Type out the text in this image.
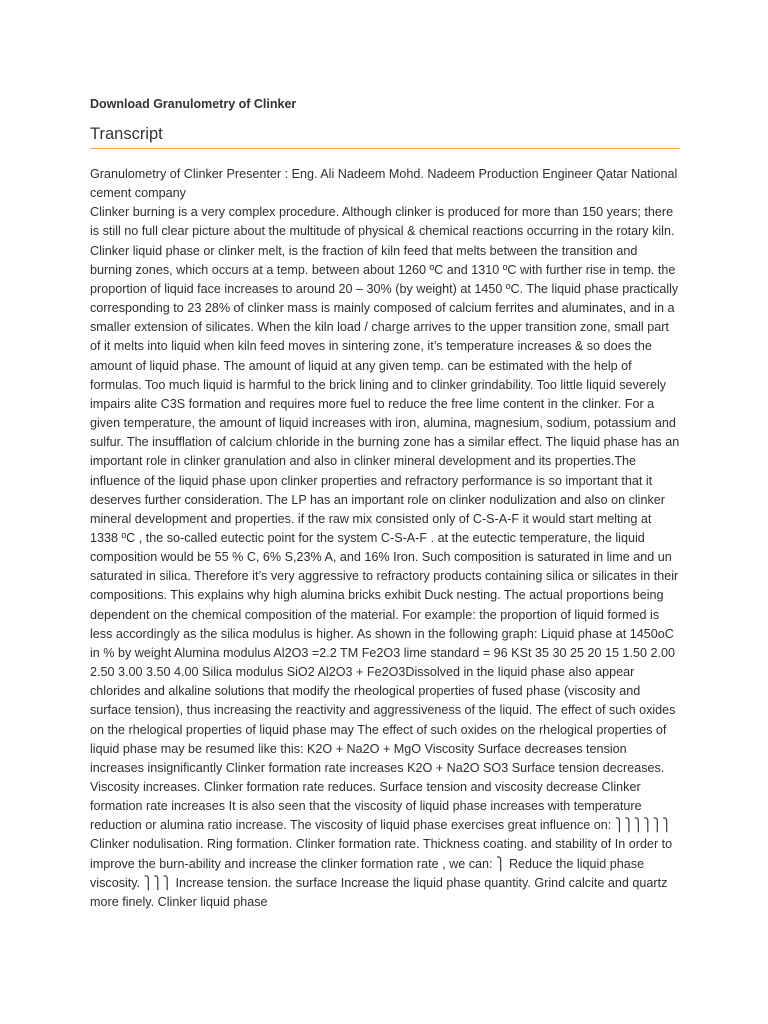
Download Granulometry of Clinker
Transcript

Granulometry of Clinker Presenter : Eng. Ali Nadeem Mohd. Nadeem Production Engineer Qatar National cement company

Clinker burning is a very complex procedure. Although clinker is produced for more than 150 years; there is still no full clear picture about the multitude of physical & chemical reactions occurring in the rotary kiln. Clinker liquid phase or clinker melt, is the fraction of kiln feed that melts between the transition and burning zones, which occurs at a temp. between about 1260 ºC and 1310 ºC with further rise in temp. the proportion of liquid face increases to around 20 – 30% (by weight) at 1450 ºC. The liquid phase practically corresponding to 23 28% of clinker mass is mainly composed of calcium ferrites and aluminates, and in a smaller extension of silicates. When the kiln load / charge arrives to the upper transition zone, small part of it melts into liquid when kiln feed moves in sintering zone, it’s temperature increases & so does the amount of liquid phase. The amount of liquid at any given temp. can be estimated with the help of formulas. Too much liquid is harmful to the brick lining and to clinker grindability. Too little liquid severely impairs alite C3S formation and requires more fuel to reduce the free lime content in the clinker. For a given temperature, the amount of liquid increases with iron, alumina, magnesium, sodium, potassium and sulfur. The insufflation of calcium chloride in the burning zone has a similar effect. The liquid phase has an important role in clinker granulation and also in clinker mineral development and its properties.The influence of the liquid phase upon clinker properties and refractory performance is so important that it deserves further consideration. The LP has an important role on clinker nodulization and also on clinker mineral development and properties. if the raw mix consisted only of C-S-A-F it would start melting at 1338 ºC , the so-called eutectic point for the system C-S-A-F . at the eutectic temperature, the liquid composition would be 55 % C, 6% S,23% A, and 16% Iron. Such composition is saturated in lime and un saturated in silica. Therefore it’s very aggressive to refractory products containing silica or silicates in their compositions. This explains why high alumina bricks exhibit Duck nesting. The actual proportions being dependent on the chemical composition of the material. For example: the proportion of liquid formed is less accordingly as the silica modulus is higher. As shown in the following graph: Liquid phase at 1450oC in % by weight Alumina modulus Al2O3 =2.2 TM Fe2O3 lime standard = 96 KSt 35 30 25 20 15 1.50 2.00 2.50 3.00 3.50 4.00 Silica modulus SiO2 Al2O3 + Fe2O3Dissolved in the liquid phase also appear chlorides and alkaline solutions that modify the rheological properties of fused phase (viscosity and surface tension), thus increasing the reactivity and aggressiveness of the liquid. The effect of such oxides on the rhelogical properties of liquid phase may The effect of such oxides on the rhelogical properties of liquid phase may be resumed like this: K2O + Na2O + MgO Viscosity Surface decreases tension increases insignificantly Clinker formation rate increases K2O + Na2O SO3 Surface tension decreases. Viscosity increases. Clinker formation rate reduces. Surface tension and viscosity decrease Clinker formation rate increases It is also seen that the viscosity of liquid phase increases with temperature reduction or alumina ratio increase. The viscosity of liquid phase exercises great influence on: ⎫⎫⎫⎫⎫⎫ Clinker nodulisation. Ring formation. Clinker formation rate. Thickness coating. and stability of In order to improve the burn-ability and increase the clinker formation rate , we can: ⎫ Reduce the liquid phase viscosity. ⎫⎫⎫ Increase tension. the surface Increase the liquid phase quantity. Grind calcite and quartz more finely. Clinker liquid phase
